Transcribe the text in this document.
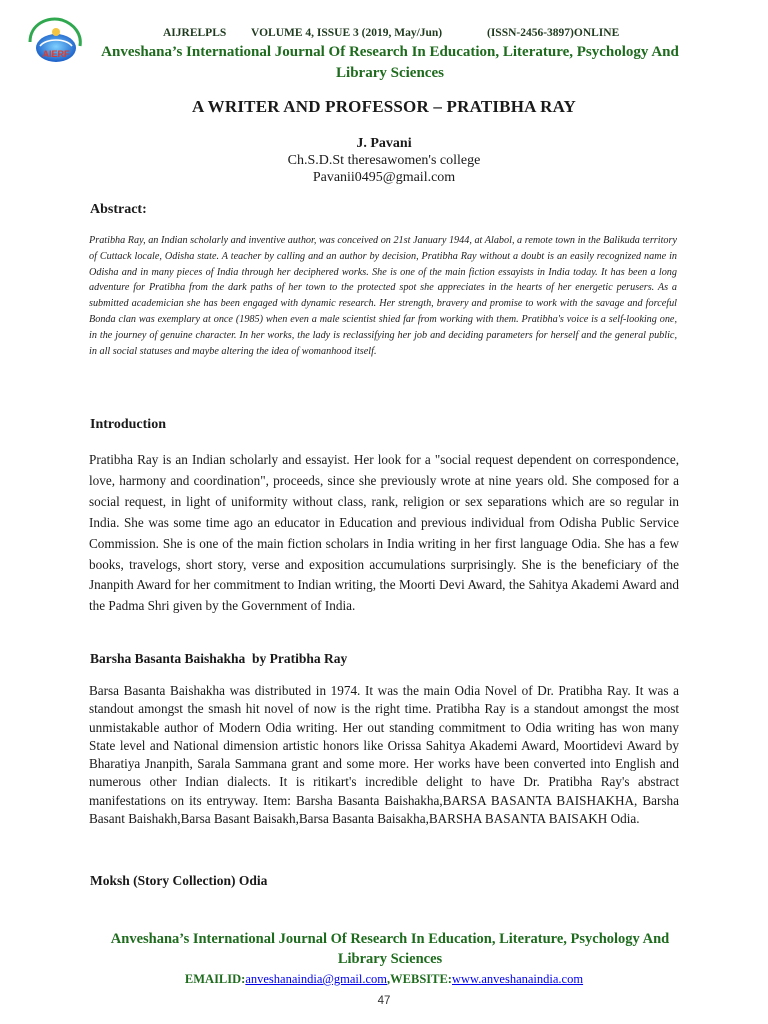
AIERF
AIJRELPLS VOLUME 4, ISSUE 3 (2019, May/Jun)	(ISSN-2456-3897)ONLINE
Anveshana’s International Journal Of Research In Education, Literature, Psychology And
Library Sciences
A WRITER AND PROFESSOR – PRATIBHA RAY
J. Pavani
Ch.S.D.St theresawomen's college
Pavanii0495@gmail.com
Abstract:
Pratibha Ray, an Indian scholarly and inventive author, was conceived on 21st January 1944, at Alabol, a remote town in the Balikuda territory of Cuttack locale, Odisha state. A teacher by calling and an author by decision, Pratibha Ray without a doubt is an easily recognized name in Odisha and in many pieces of India through her deciphered works. She is one of the main fiction essayists in India today. It has been a long adventure for Pratibha from the dark paths of her town to the protected spot she appreciates in the hearts of her energetic perusers. As a submitted academician she has been engaged with dynamic research. Her strength, bravery and promise to work with the savage and forceful Bonda clan was exemplary at once (1985) when even a male scientist shied far from working with them. Pratibha's voice is a self-looking one, in the journey of genuine character. In her works, the lady is reclassifying her job and deciding parameters for herself and the general public, in all social statuses and maybe altering the idea of womanhood itself.
Introduction
Pratibha Ray is an Indian scholarly and essayist. Her look for a "social request dependent on correspondence, love, harmony and coordination", proceeds, since she previously wrote at nine years old. She composed for a social request, in light of uniformity without class, rank, religion or sex separations which are so regular in India. She was some time ago an educator in Education and previous individual from Odisha Public Service Commission. She is one of the main fiction scholars in India writing in her first language Odia. She has a few books, travelogs, short story, verse and exposition accumulations surprisingly. She is the beneficiary of the Jnanpith Award for her commitment to Indian writing, the Moorti Devi Award, the Sahitya Akademi Award and the Padma Shri given by the Government of India.
Barsha Basanta Baishakha  by Pratibha Ray
Barsa Basanta Baishakha was distributed in 1974. It was the main Odia Novel of Dr. Pratibha Ray. It was a standout amongst the smash hit novel of now is the right time. Pratibha Ray is a standout amongst the most unmistakable author of Modern Odia writing. Her out standing commitment to Odia writing has won many State level and National dimension artistic honors like Orissa Sahitya Akademi Award, Moortidevi Award by Bharatiya Jnanpith, Sarala Sammana grant and some more. Her works have been converted into English and numerous other Indian dialects. It is ritikart's incredible delight to have Dr. Pratibha Ray's abstract manifestations on its entryway. Item: Barsha Basanta Baishakha,BARSA BASANTA BAISHAKHA, Barsha Basant Baishakh,Barsa Basant Baisakh,Barsa Basanta Baisakha,BARSHA BASANTA BAISAKH Odia.
Moksh (Story Collection) Odia
Anveshana’s International Journal Of Research In Education, Literature, Psychology And
Library Sciences
EMAILID:anveshanaindia@gmail.com,WEBSITE:www.anveshanaindia.com
47
